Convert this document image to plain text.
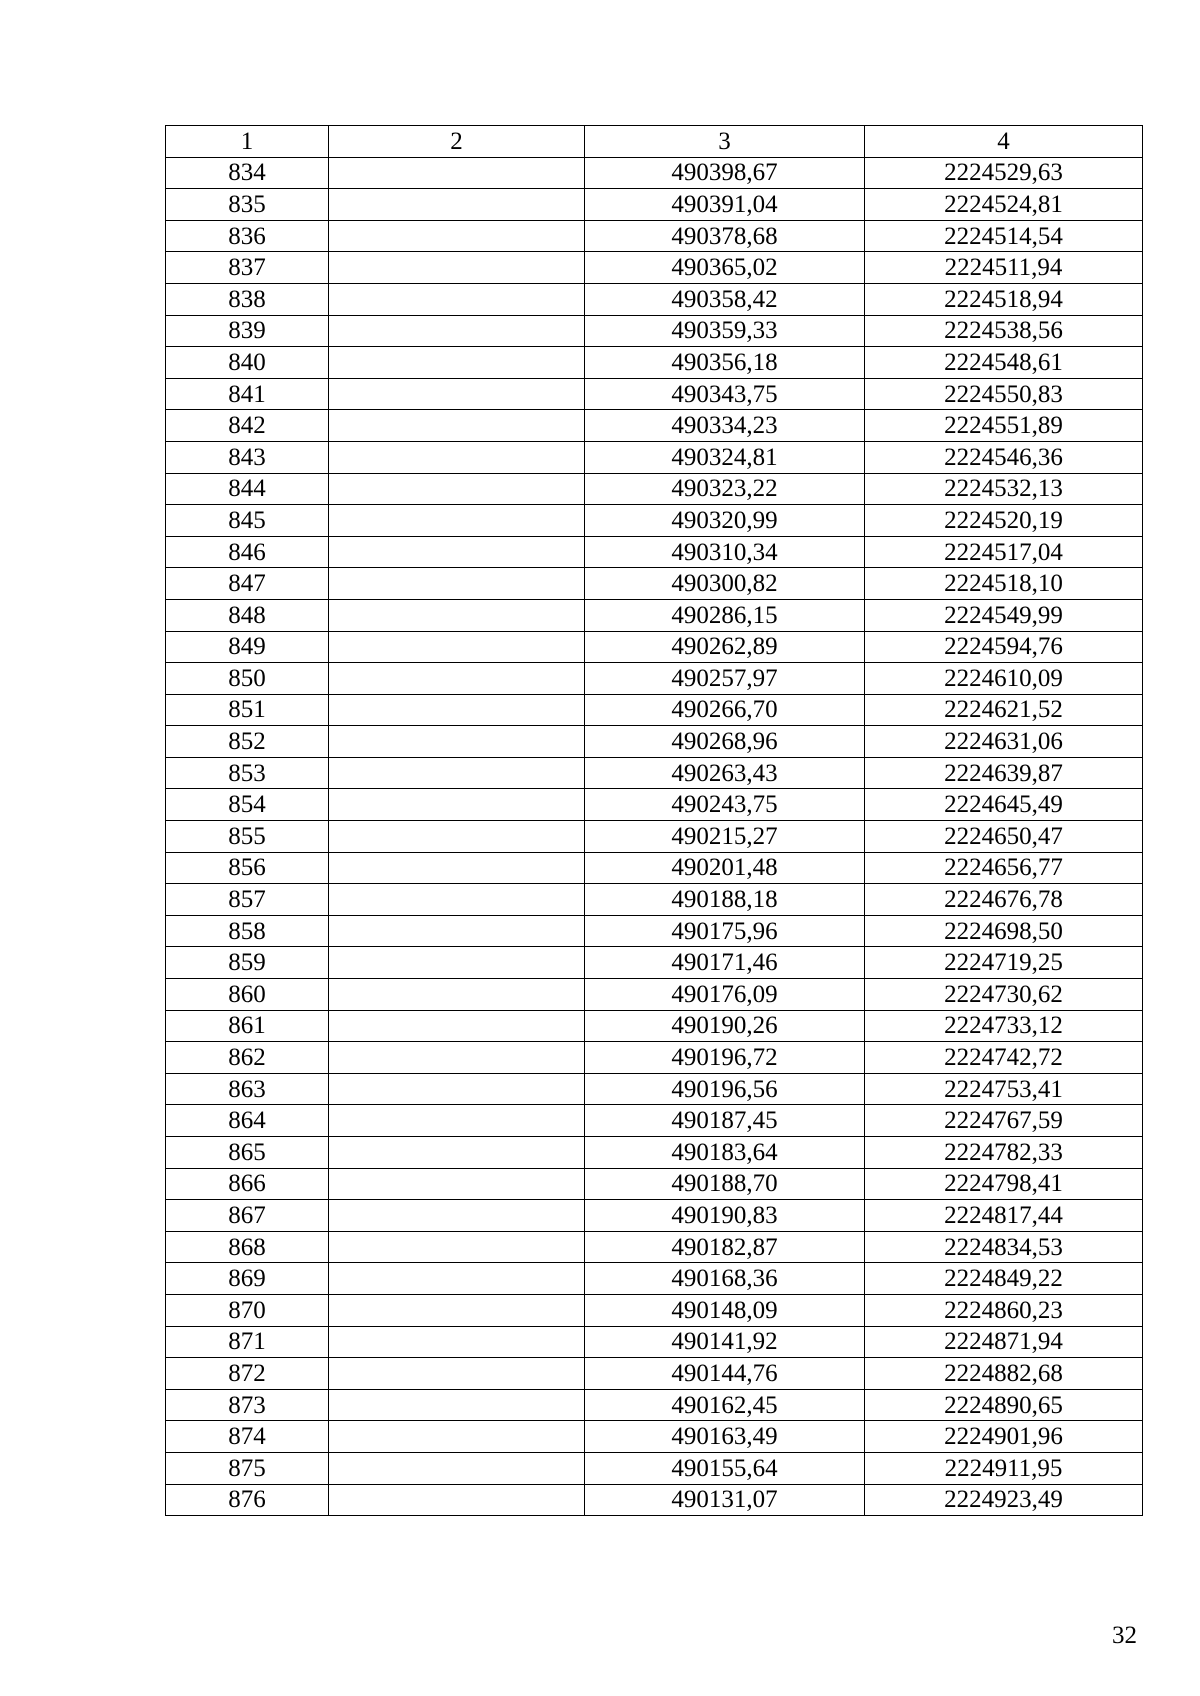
1	2	3	4
834		490398,67	2224529,63
835		490391,04	2224524,81
836		490378,68	2224514,54
837		490365,02	2224511,94
838		490358,42	2224518,94
839		490359,33	2224538,56
840		490356,18	2224548,61
841		490343,75	2224550,83
842		490334,23	2224551,89
843		490324,81	2224546,36
844		490323,22	2224532,13
845		490320,99	2224520,19
846		490310,34	2224517,04
847		490300,82	2224518,10
848		490286,15	2224549,99
849		490262,89	2224594,76
850		490257,97	2224610,09
851		490266,70	2224621,52
852		490268,96	2224631,06
853		490263,43	2224639,87
854		490243,75	2224645,49
855		490215,27	2224650,47
856		490201,48	2224656,77
857		490188,18	2224676,78
858		490175,96	2224698,50
859		490171,46	2224719,25
860		490176,09	2224730,62
861		490190,26	2224733,12
862		490196,72	2224742,72
863		490196,56	2224753,41
864		490187,45	2224767,59
865		490183,64	2224782,33
866		490188,70	2224798,41
867		490190,83	2224817,44
868		490182,87	2224834,53
869		490168,36	2224849,22
870		490148,09	2224860,23
871		490141,92	2224871,94
872		490144,76	2224882,68
873		490162,45	2224890,65
874		490163,49	2224901,96
875		490155,64	2224911,95
876		490131,07	2224923,49
32
